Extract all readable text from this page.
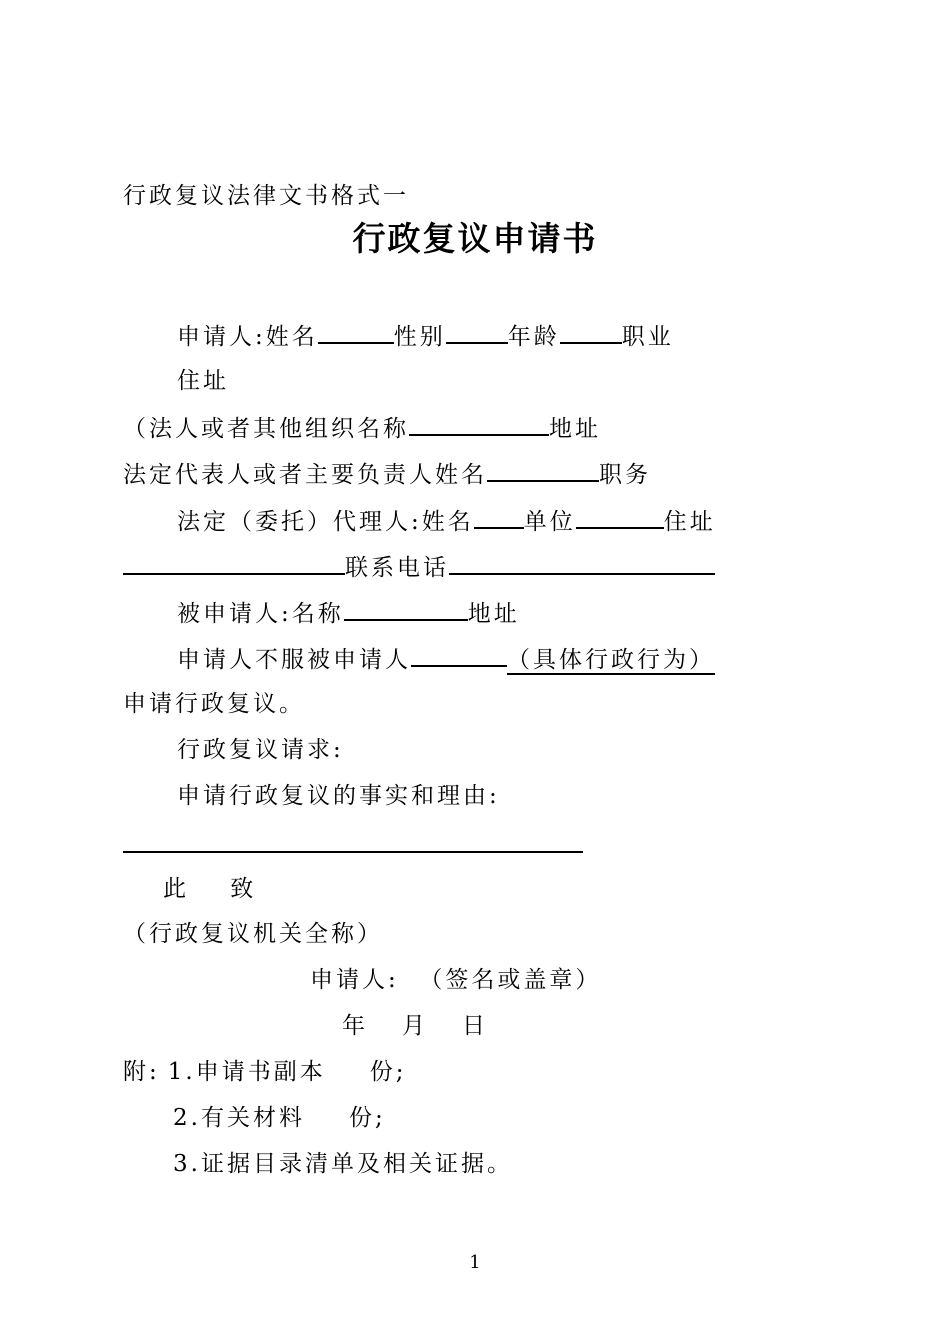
行政复议法律文书格式一
行政复议申请书
申请人:姓名	性别	年龄	职业
住址
（法人或者其他组织名称	地址
法定代表人或者主要负责人姓名	职务
法定（委托）代理人:姓名 单位	住址
联系电话
被申请人:名称	地址
申请人不服被申请人	（具体行政行为）
申请行政复议。
行政复议请求:
申请行政复议的事实和理由:
此    致
（行政复议机关全称）
申请人:  （签名或盖章）
年 月 日
附: 1.申请书副本 份;
2.有关材料 份;
3.证据目录清单及相关证据。
1
